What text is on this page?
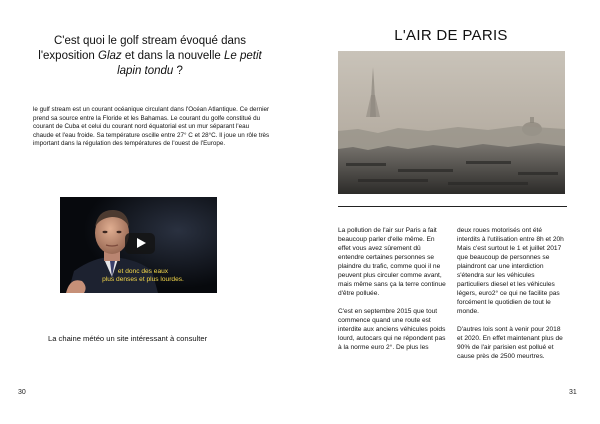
C'est quoi le golf stream évoqué dans l'exposition Glaz et dans la nouvelle Le petit lapin tondu ?
le gulf stream est un courant océanique circulant dans l'Océan Atlantique. Ce dernier prend sa source entre la Floride et les Bahamas. Le courant du golfe constitué du courant de Cuba et celui du courant nord équatorial est un mur séparant l'eau chaude et l'eau froide. Sa température oscille entre 27° C et 28°C. Il joue un rôle très important dans la régulation des températures de l'ouest de l'Europe.
et donc des eaux
plus denses et plus lourdes.
La chaine météo un site intéressant à consulter
30
L'AIR DE PARIS

La pollution de l'air sur Paris a fait beaucoup parler d'elle même. En effet vous avez sûrement dû entendre certaines personnes se plaindre du trafic, comme quoi il ne peuvent plus circuler comme avant, mais même sans ça la terre continue d'être polluée.

C'est en septembre 2015 que tout commence quand une route est interdite aux anciens véhicules poids lourd, autocars qui ne répondent pas à la norme euro 2°. De plus les

deux roues motorisés ont été interdits à l'utilisation entre 8h et 20h

Mais c'est surtout le 1 et juillet 2017 que beaucoup de personnes se plaindront car une interdiction s'étendra sur les véhicules particuliers diesel et les véhicules légers, euro2° ce qui ne facilite pas forcément le quotidien de tout le monde.

D'autres lois sont à venir pour 2018 et 2020. En effet maintenant plus de 90% de l'air parisien est pollué et cause près de 2500 meurtres.

31
